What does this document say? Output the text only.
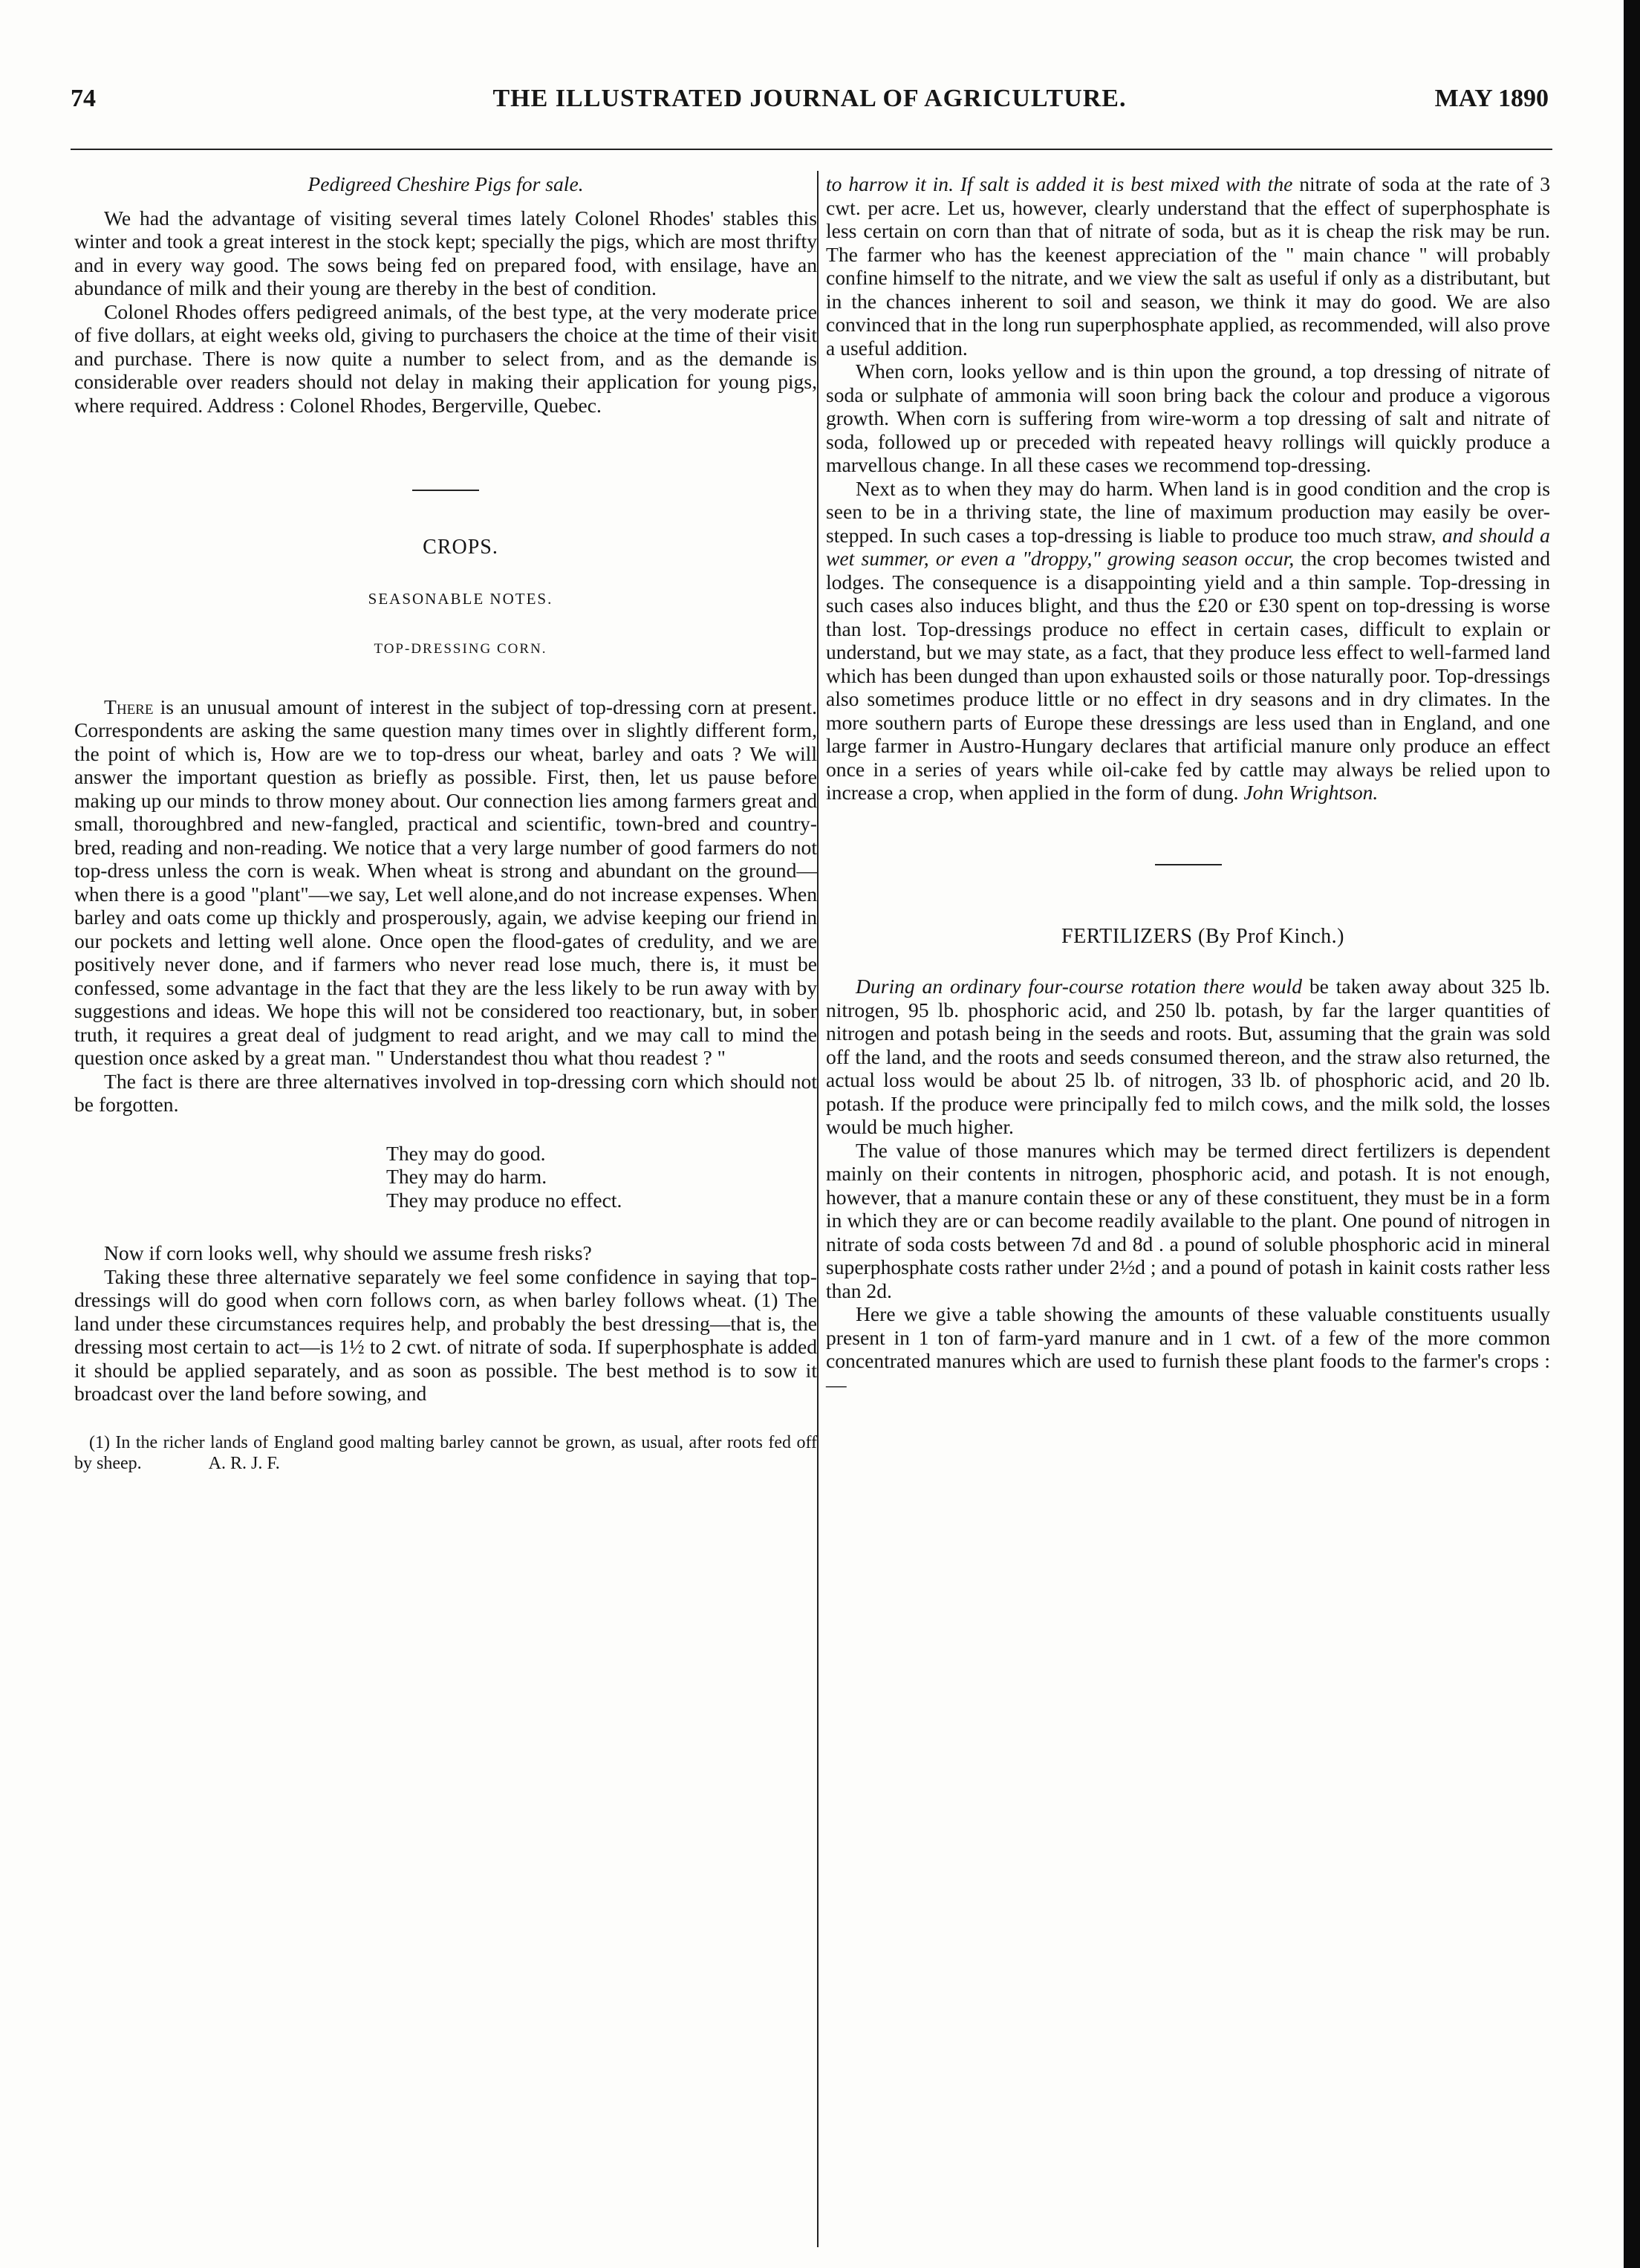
74	THE ILLUSTRATED JOURNAL OF AGRICULTURE.	MAY 1890

Pedigreed Cheshire Pigs for sale.

We had the advantage of visiting several times lately Colonel Rhodes' stables this winter and took a great interest in the stock kept; specially the pigs, which are most thrifty and in every way good. The sows being fed on prepared food, with ensilage, have an abundance of milk and their young are thereby in the best of condition.

Colonel Rhodes offers pedigreed animals, of the best type, at the very moderate price of five dollars, at eight weeks old, giving to purchasers the choice at the time of their visit and purchase. There is now quite a number to select from, and as the demande is considerable over readers should not delay in making their application for young pigs, where required. Address : Colonel Rhodes, Bergerville, Quebec.

CROPS.

SEASONABLE NOTES.

TOP-DRESSING CORN.

There is an unusual amount of interest in the subject of top-dressing corn at present. Correspondents are asking the same question many times over in slightly different form, the point of which is, How are we to top-dress our wheat, barley and oats ? We will answer the important question as briefly as possible. First, then, let us pause before making up our minds to throw money about. Our connection lies among farmers great and small, thoroughbred and new-fangled, practical and scientific, town-bred and country-bred, reading and non-reading. We notice that a very large number of good farmers do not top-dress unless the corn is weak. When wheat is strong and abundant on the ground—when there is a good "plant"—we say, Let well alone,and do not increase expenses. When barley and oats come up thickly and prosperously, again, we advise keeping our friend in our pockets and letting well alone. Once open the flood-gates of credulity, and we are positively never done, and if farmers who never read lose much, there is, it must be confessed, some advantage in the fact that they are the less likely to be run away with by suggestions and ideas. We hope this will not be considered too reactionary, but, in sober truth, it requires a great deal of judgment to read aright, and we may call to mind the question once asked by a great man. " Understandest thou what thou readest ? "

The fact is there are three alternatives involved in top-dressing corn which should not be forgotten.

They may do good.
They may do harm.
They may produce no effect.

Now if corn looks well, why should we assume fresh risks?

Taking these three alternative separately we feel some confidence in saying that top-dressings will do good when corn follows corn, as when barley follows wheat. (1) The land under these circumstances requires help, and probably the best dressing—that is, the dressing most certain to act—is 1½ to 2 cwt. of nitrate of soda. If superphosphate is added it should be applied separately, and as soon as possible. The best method is to sow it broadcast over the land before sowing, and

(1) In the richer lands of England good malting barley cannot be grown, as usual, after roots fed off by sheep.	A. R. J. F.

to harrow it in. If salt is added it is best mixed with the nitrate of soda at the rate of 3 cwt. per acre. Let us, however, clearly understand that the effect of superphosphate is less certain on corn than that of nitrate of soda, but as it is cheap the risk may be run. The farmer who has the keenest appreciation of the " main chance " will probably confine himself to the nitrate, and we view the salt as useful if only as a distributant, but in the chances inherent to soil and season, we think it may do good. We are also convinced that in the long run superphosphate applied, as recommended, will also prove a useful addition.

When corn, looks yellow and is thin upon the ground, a top dressing of nitrate of soda or sulphate of ammonia will soon bring back the colour and produce a vigorous growth. When corn is suffering from wire-worm a top dressing of salt and nitrate of soda, followed up or preceded with repeated heavy rollings will quickly produce a marvellous change. In all these cases we recommend top-dressing.

Next as to when they may do harm. When land is in good condition and the crop is seen to be in a thriving state, the line of maximum production may easily be over-stepped. In such cases a top-dressing is liable to produce too much straw, and should a wet summer, or even a "droppy," growing season occur, the crop becomes twisted and lodges. The consequence is a disappointing yield and a thin sample. Top-dressing in such cases also induces blight, and thus the £20 or £30 spent on top-dressing is worse than lost. Top-dressings produce no effect in certain cases, difficult to explain or understand, but we may state, as a fact, that they produce less effect to well-farmed land which has been dunged than upon exhausted soils or those naturally poor. Top-dressings also sometimes produce little or no effect in dry seasons and in dry climates. In the more southern parts of Europe these dressings are less used than in England, and one large farmer in Austro-Hungary declares that artificial manure only produce an effect once in a series of years while oil-cake fed by cattle may always be relied upon to increase a crop, when applied in the form of dung. John Wrightson.

FERTILIZERS (By Prof Kinch.)

During an ordinary four-course rotation there would be taken away about 325 lb. nitrogen, 95 lb. phosphoric acid, and 250 lb. potash, by far the larger quantities of nitrogen and potash being in the seeds and roots. But, assuming that the grain was sold off the land, and the roots and seeds consumed thereon, and the straw also returned, the actual loss would be about 25 lb. of nitrogen, 33 lb. of phosphoric acid, and 20 lb. potash. If the produce were principally fed to milch cows, and the milk sold, the losses would be much higher.

The value of those manures which may be termed direct fertilizers is dependent mainly on their contents in nitrogen, phosphoric acid, and potash. It is not enough, however, that a manure contain these or any of these constituent, they must be in a form in which they are or can become readily available to the plant. One pound of nitrogen in nitrate of soda costs between 7d and 8d . a pound of soluble phosphoric acid in mineral superphosphate costs rather under 2½d ; and a pound of potash in kainit costs rather less than 2d.

Here we give a table showing the amounts of these valuable constituents usually present in 1 ton of farm-yard manure and in 1 cwt. of a few of the more common concentrated manures which are used to furnish these plant foods to the farmer's crops :—
